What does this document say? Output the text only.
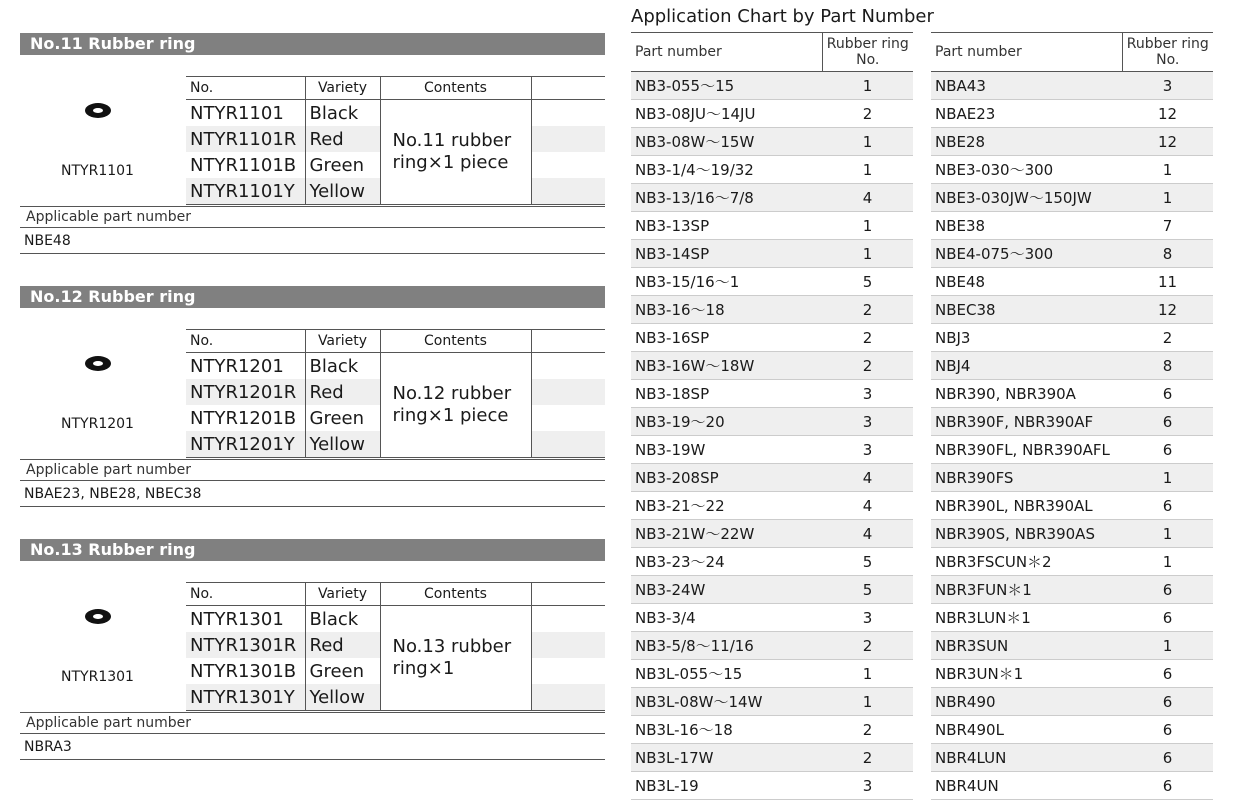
No.11 Rubber ring
NTYR1101
No.	Variety	Contents	
NTYR1101	Black	No.11 rubber ring×1 piece	
NTYR1101R	Red		
NTYR1101B	Green		
NTYR1101Y	Yellow		
Applicable part number
NBE48
No.12 Rubber ring
NTYR1201
No.	Variety	Contents	
NTYR1201	Black	No.12 rubber ring×1 piece	
NTYR1201R	Red		
NTYR1201B	Green		
NTYR1201Y	Yellow		
Applicable part number
NBAE23, NBE28, NBEC38
No.13 Rubber ring
NTYR1301
No.	Variety	Contents	
NTYR1301	Black	No.13 rubber ring×1	
NTYR1301R	Red		
NTYR1301B	Green		
NTYR1301Y	Yellow		
Applicable part number
NBRA3
Application Chart by Part Number
Part number	Rubber ring
No.
NB3-055～15	1
NB3-08JU～14JU	2
NB3-08W～15W	1
NB3-1/4～19/32	1
NB3-13/16～7/8	4
NB3-13SP	1
NB3-14SP	1
NB3-15/16～1	5
NB3-16～18	2
NB3-16SP	2
NB3-16W～18W	2
NB3-18SP	3
NB3-19～20	3
NB3-19W	3
NB3-208SP	4
NB3-21～22	4
NB3-21W～22W	4
NB3-23～24	5
NB3-24W	5
NB3-3/4	3
NB3-5/8～11/16	2
NB3L-055～15	1
NB3L-08W～14W	1
NB3L-16～18	2
NB3L-17W	2
NB3L-19	3
Part number	Rubber ring
No.
NBA43	3
NBAE23	12
NBE28	12
NBE3-030～300	1
NBE3-030JW～150JW	1
NBE38	7
NBE4-075～300	8
NBE48	11
NBEC38	12
NBJ3	2
NBJ4	8
NBR390, NBR390A	6
NBR390F, NBR390AF	6
NBR390FL, NBR390AFL	6
NBR390FS	1
NBR390L, NBR390AL	6
NBR390S, NBR390AS	1
NBR3FSCUN＊2	1
NBR3FUN＊1	6
NBR3LUN＊1	6
NBR3SUN	1
NBR3UN＊1	6
NBR490	6
NBR490L	6
NBR4LUN	6
NBR4UN	6
